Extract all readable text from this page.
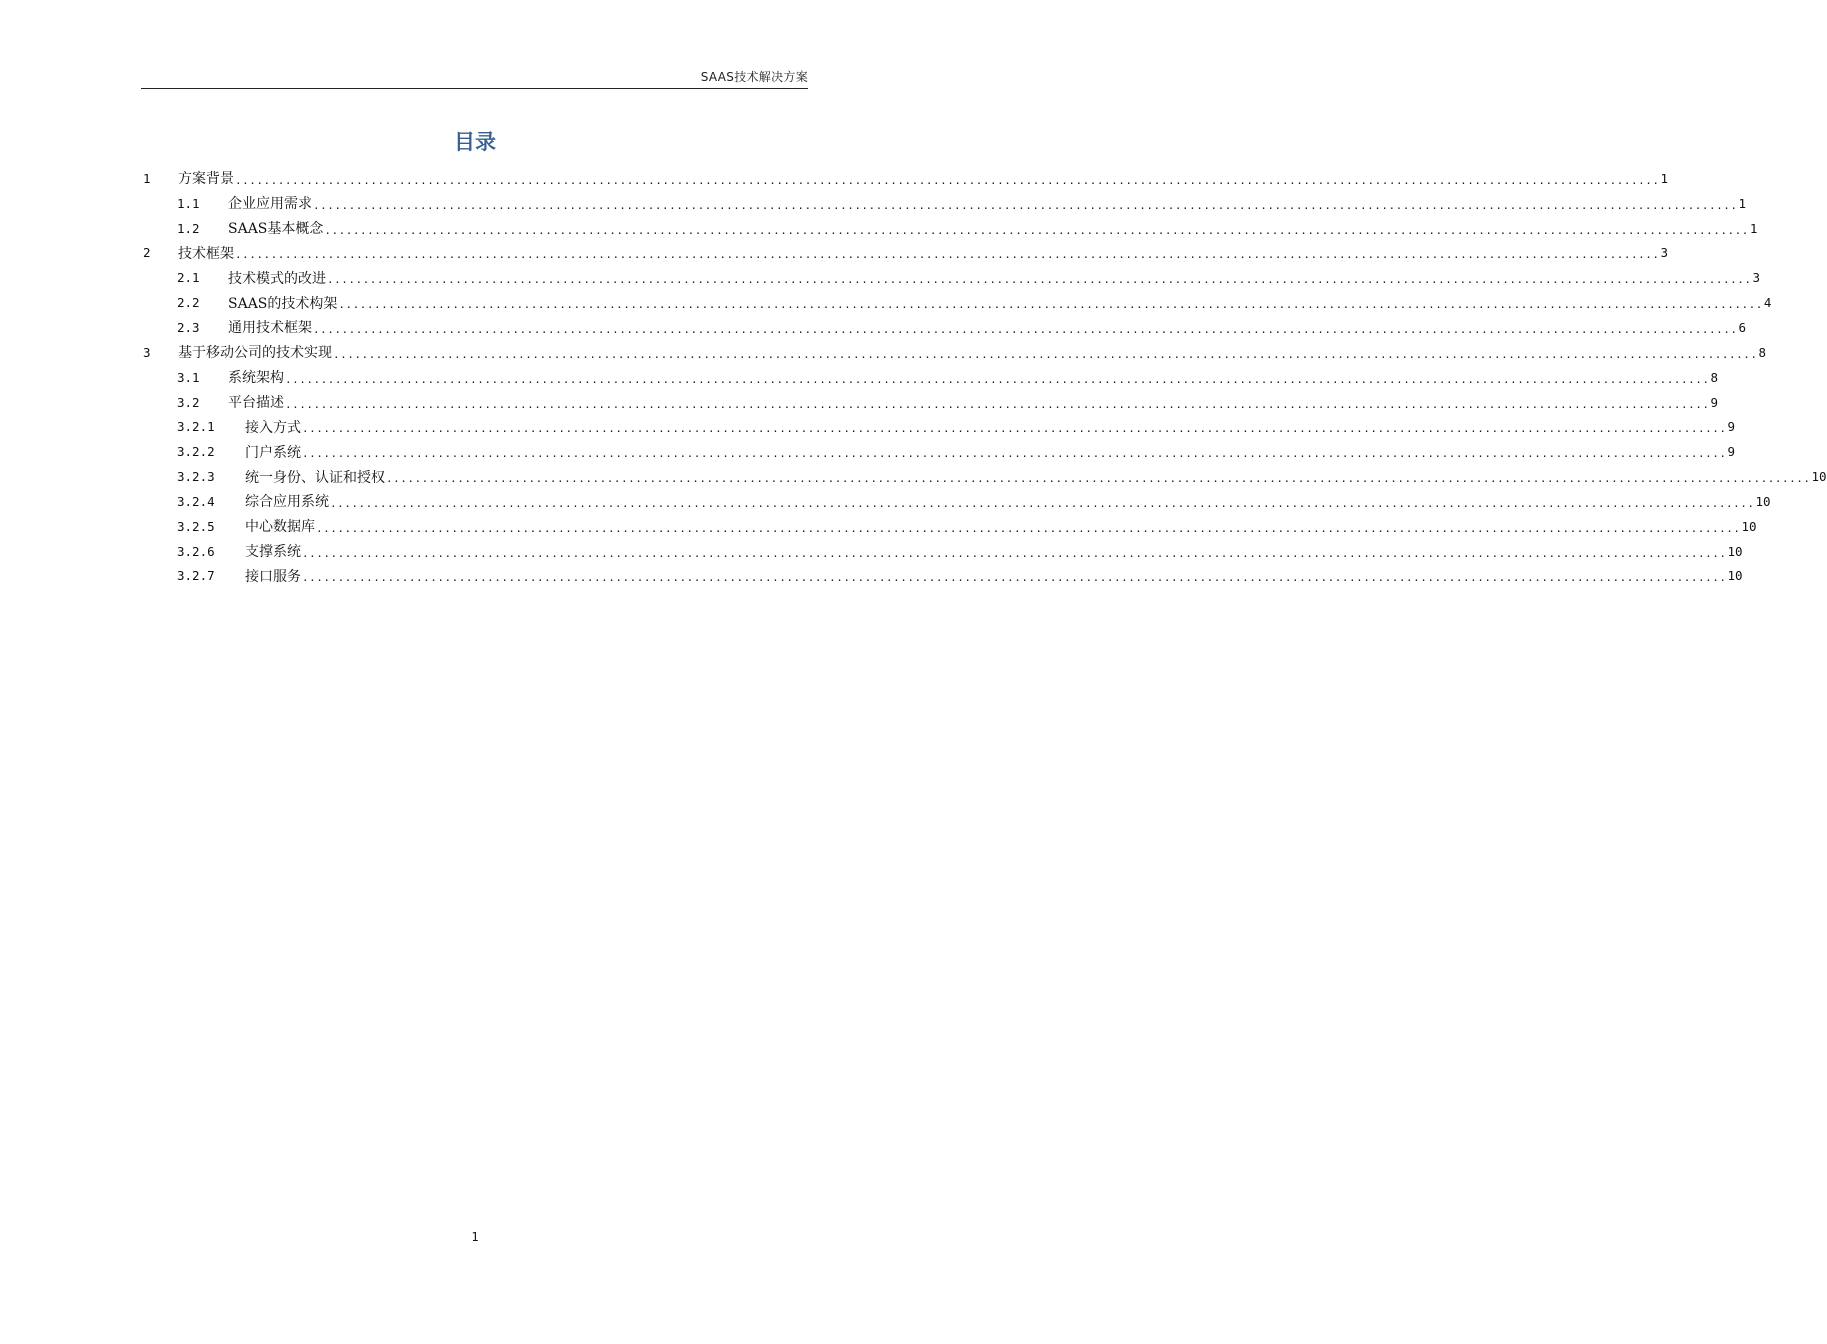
SAAS技术解决方案
目录
1	方案背景 ........................................................................................................................................................................................................ 1
1.1	企业应用需求 ........................................................................................................................................................................................................ 1
1.2	SAAS基本概念 ........................................................................................................................................................................................................ 1
2	技术框架 ........................................................................................................................................................................................................ 3
2.1	技术模式的改进 ........................................................................................................................................................................................................ 3
2.2	SAAS的技术构架 ........................................................................................................................................................................................................ 4
2.3	通用技术框架 ........................................................................................................................................................................................................ 6
3	基于移动公司的技术实现 ........................................................................................................................................................................................................ 8
3.1	系统架构 ........................................................................................................................................................................................................ 8
3.2	平台描述 ........................................................................................................................................................................................................ 9
3.2.1	接入方式 ........................................................................................................................................................................................................ 9
3.2.2	门户系统 ........................................................................................................................................................................................................ 9
3.2.3	统一身份、认证和授权 ........................................................................................................................................................................................................ 10
3.2.4	综合应用系统 ........................................................................................................................................................................................................ 10
3.2.5	中心数据库 ........................................................................................................................................................................................................ 10
3.2.6	支撑系统 ........................................................................................................................................................................................................ 10
3.2.7	接口服务 ........................................................................................................................................................................................................ 10
1
